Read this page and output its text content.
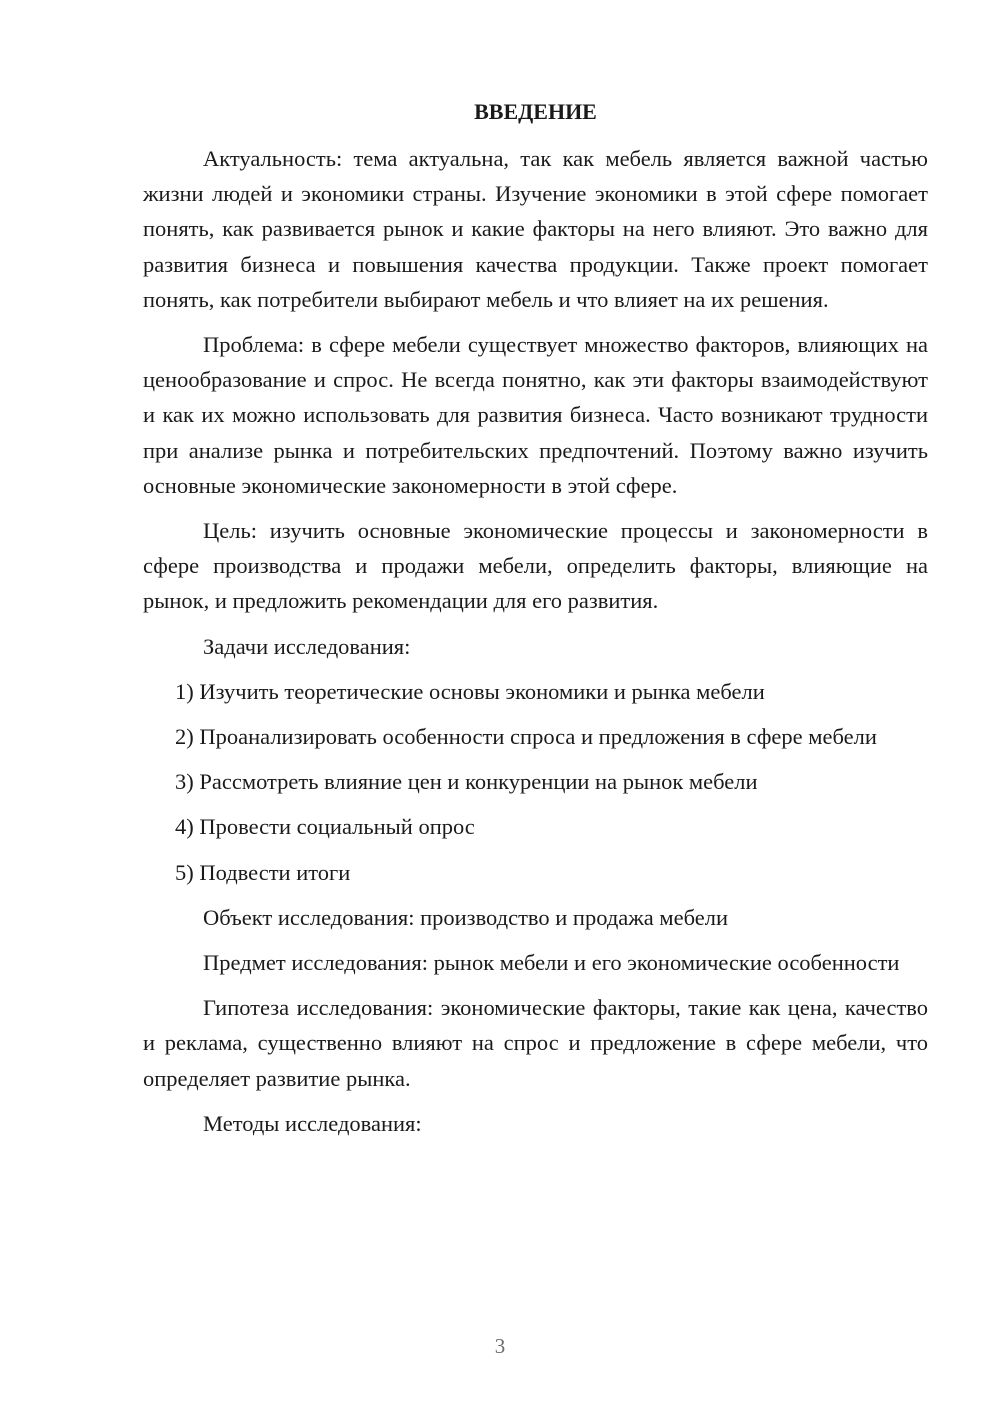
ВВЕДЕНИЕ

Актуальность: тема актуальна, так как мебель является важной частью жизни людей и экономики страны. Изучение экономики в этой сфере помогает понять, как развивается рынок и какие факторы на него влияют. Это важно для развития бизнеса и повышения качества продукции. Также проект помогает понять, как потребители выбирают мебель и что влияет на их решения.

Проблема: в сфере мебели существует множество факторов, влияющих на ценообразование и спрос. Не всегда понятно, как эти факторы взаимодействуют и как их можно использовать для развития бизнеса. Часто возникают трудности при анализе рынка и потребительских предпочтений. Поэтому важно изучить основные экономические закономерности в этой сфере.

Цель: изучить основные экономические процессы и закономерности в сфере производства и продажи мебели, определить факторы, влияющие на рынок, и предложить рекомендации для его развития.

Задачи исследования:

1) Изучить теоретические основы экономики и рынка мебели

2) Проанализировать особенности спроса и предложения в сфере мебели

3) Рассмотреть влияние цен и конкуренции на рынок мебели

4) Провести социальный опрос

5) Подвести итоги

Объект исследования: производство и продажа мебели

Предмет исследования: рынок мебели и его экономические особенности

Гипотеза исследования: экономические факторы, такие как цена, качество и реклама, существенно влияют на спрос и предложение в сфере мебели, что определяет развитие рынка.

Методы исследования:

3
